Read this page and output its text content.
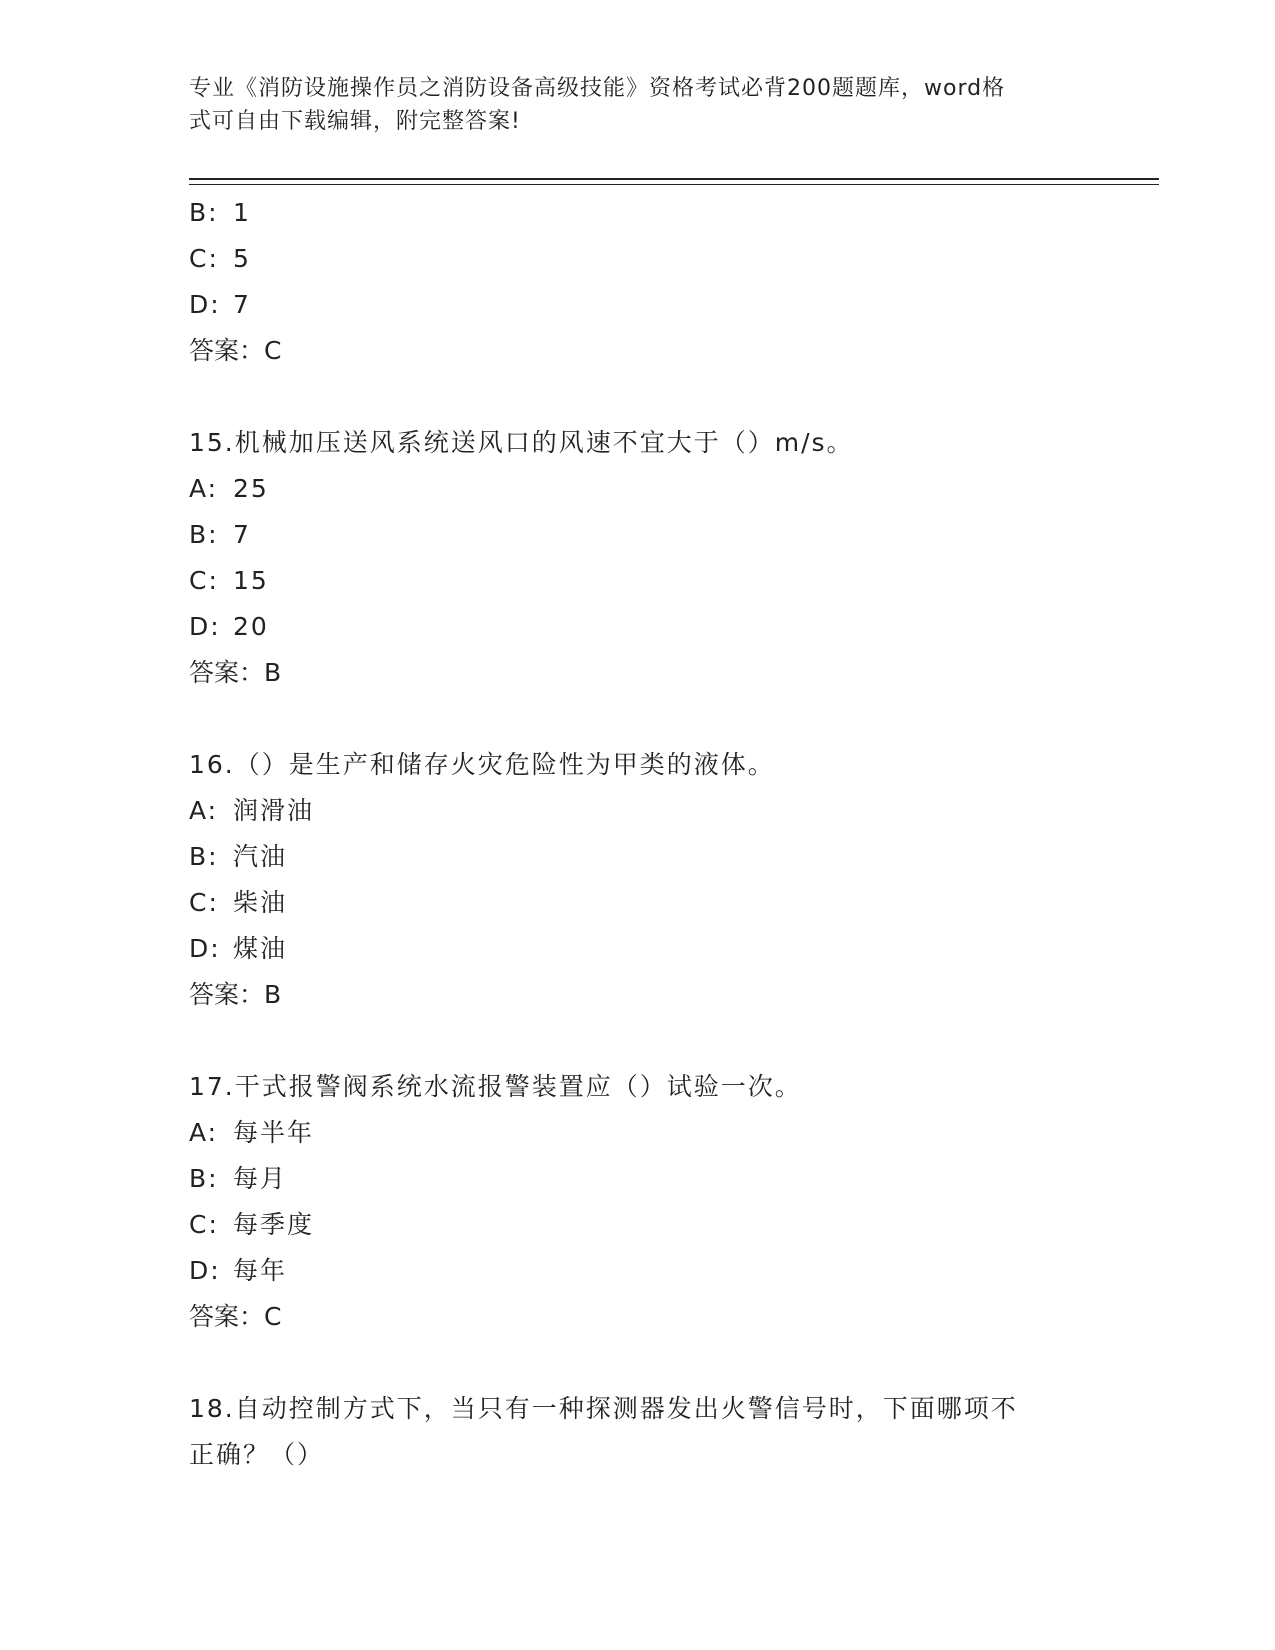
专业《消防设施操作员之消防设备高级技能》资格考试必背200题题库，word格
式可自由下载编辑，附完整答案!
B: 1
C: 5
D: 7
答案：C
15.机械加压送风系统送风口的风速不宜大于（）m/s。
A: 25
B: 7
C: 15
D: 20
答案：B
16.（）是生产和储存火灾危险性为甲类的液体。
A: 润滑油
B: 汽油
C: 柴油
D: 煤油
答案：B
17.干式报警阀系统水流报警装置应（）试验一次。
A: 每半年
B: 每月
C: 每季度
D: 每年
答案：C
18.自动控制方式下，当只有一种探测器发出火警信号时，下面哪项不
正确？（）
